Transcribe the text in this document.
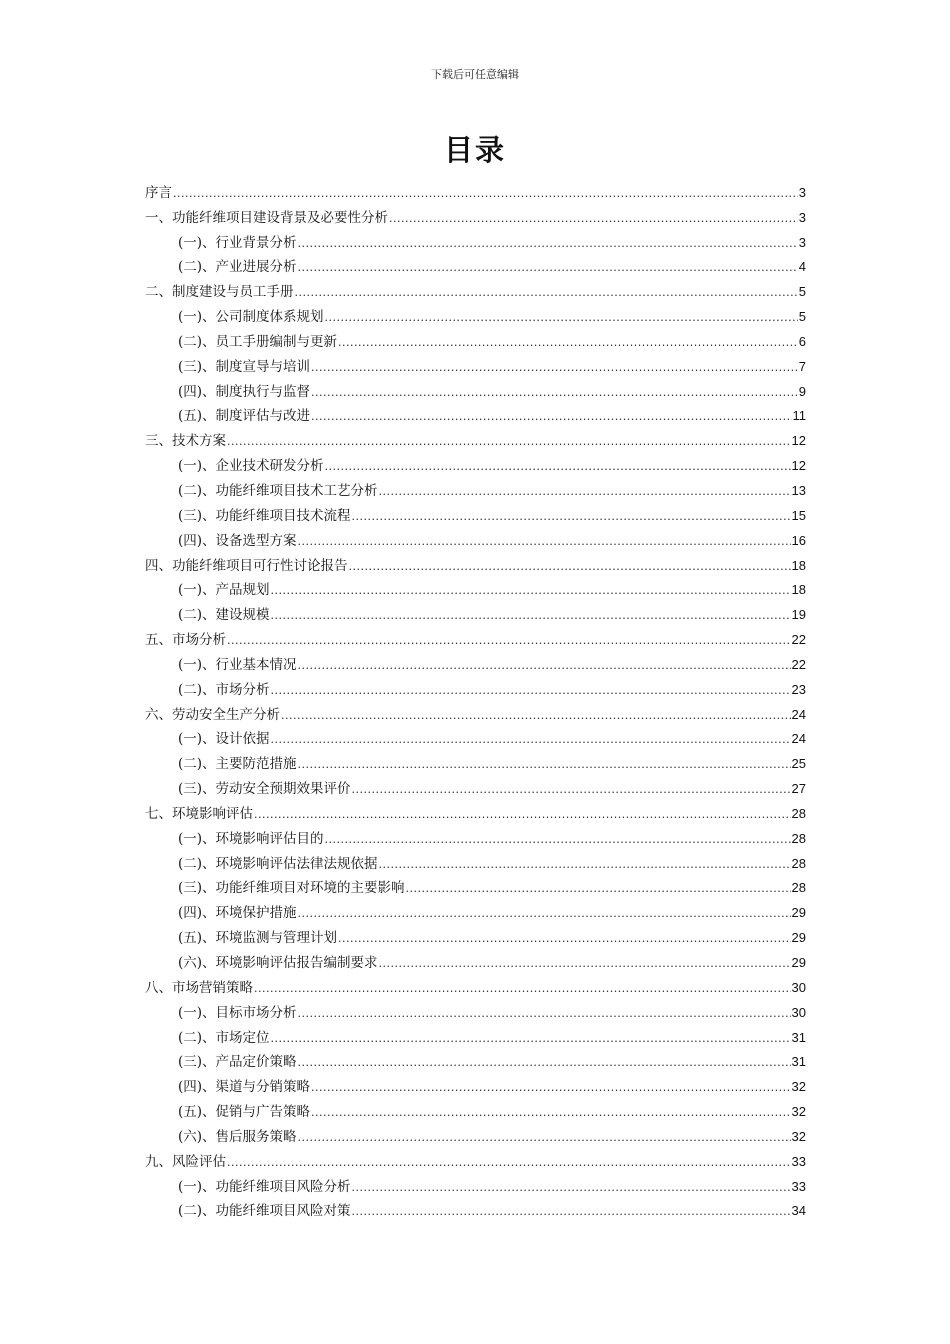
下载后可任意编辑
目录
序言 .....	3
一、功能纤维项目建设背景及必要性分析 .....	3
(一)、行业背景分析 .....	3
(二)、产业进展分析 .....	4
二、制度建设与员工手册 .....	5
(一)、公司制度体系规划 .....	5
(二)、员工手册编制与更新 .....	6
(三)、制度宣导与培训 .....	7
(四)、制度执行与监督 .....	9
(五)、制度评估与改进 .....	11
三、技术方案 .....	12
(一)、企业技术研发分析 .....	12
(二)、功能纤维项目技术工艺分析 .....	13
(三)、功能纤维项目技术流程 .....	15
(四)、设备选型方案 .....	16
四、功能纤维项目可行性讨论报告 .....	18
(一)、产品规划 .....	18
(二)、建设规模 .....	19
五、市场分析 .....	22
(一)、行业基本情况 .....	22
(二)、市场分析 .....	23
六、劳动安全生产分析 .....	24
(一)、设计依据 .....	24
(二)、主要防范措施 .....	25
(三)、劳动安全预期效果评价 .....	27
七、环境影响评估 .....	28
(一)、环境影响评估目的 .....	28
(二)、环境影响评估法律法规依据 .....	28
(三)、功能纤维项目对环境的主要影响 .....	28
(四)、环境保护措施 .....	29
(五)、环境监测与管理计划 .....	29
(六)、环境影响评估报告编制要求 .....	29
八、市场营销策略 .....	30
(一)、目标市场分析 .....	30
(二)、市场定位 .....	31
(三)、产品定价策略 .....	31
(四)、渠道与分销策略 .....	32
(五)、促销与广告策略 .....	32
(六)、售后服务策略 .....	32
九、风险评估 .....	33
(一)、功能纤维项目风险分析 .....	33
(二)、功能纤维项目风险对策 .....	34
